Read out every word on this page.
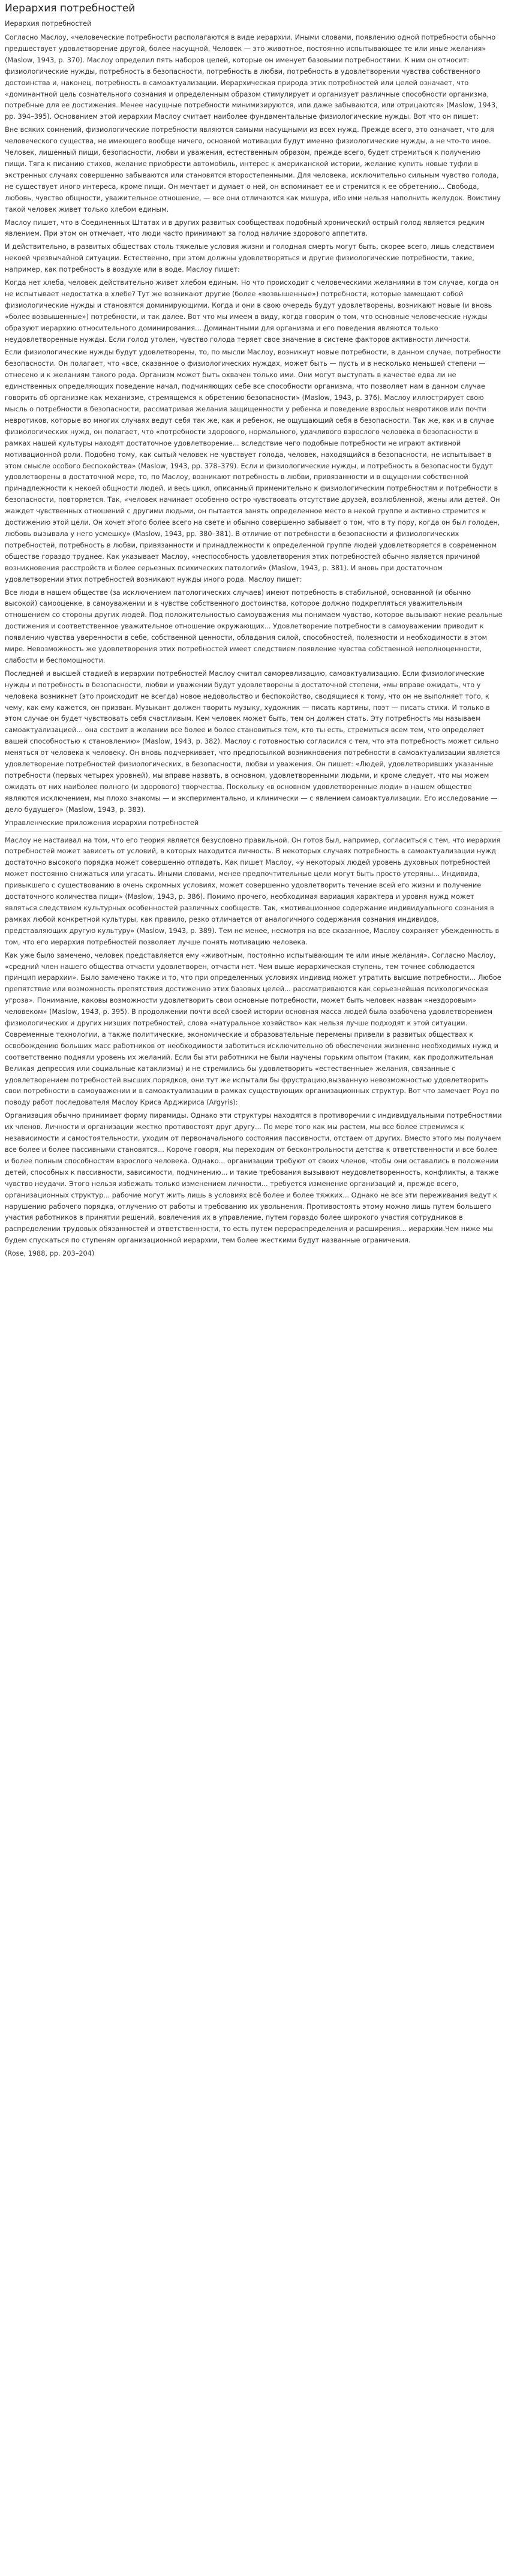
Иерархия потребностей
Иерархия потребностей

Согласно Маслоу, «человеческие потребности располагаются в виде иерархии. Иными словами, появлению одной потребности обычно предшествует удовлетворение другой, более насущной. Человек — это животное, постоянно испытывающее те или иные желания» (Maslow, 1943, p. 370). Маслоу определил пять наборов целей, которые он именует базовыми потребностями. К ним он относит: физиологические нужды, потребность в безопасности, потребность в любви, потребность в удовлетворении чувства собственного достоинства и, наконец, потребность в самоактуализации. Иерархическая природа этих потребностей или целей означает, что «доминантной цель сознательного сознания и определенным образом стимулирует и организует различные способности организма, потребные для ее достижения. Менее насущные потребности минимизируются, или даже забываются, или отрицаются» (Maslow, 1943, pp. 394–395). Основанием этой иерархии Маслоу считает наиболее фундаментальные физиологические нужды. Вот что он пишет:

Вне всяких сомнений, физиологические потребности являются самыми насущными из всех нужд. Прежде всего, это означает, что для человеческого существа, не имеющего вообще ничего, основной мотивации будут именно физиологические нужды, а не что-то иное. Человек, лишенный пищи, безопасности, любви и уважения, естественным образом, прежде всего, будет стремиться к получению пищи. Тяга к писанию стихов, желание приобрести автомобиль, интерес к американской истории, желание купить новые туфли в экстренных случаях совершенно забываются или становятся второстепенными. Для человека, исключительно сильным чувство голода, не существует иного интереса, кроме пищи. Он мечтает и думает о ней, он вспоминает ее и стремится к ее обретению... Свобода, любовь, чувство общности, уважительное отношение, — все они отличаются как мишура, ибо ими нельзя наполнить желудок. Воистину такой человек живет только хлебом единым.

Маслоу пишет, что в Соединенных Штатах и в других развитых сообществах подобный хронический острый голод является редким явлением. При этом он отмечает, что люди часто принимают за голод наличие здорового аппетита.

И действительно, в развитых обществах столь тяжелые условия жизни и голодная смерть могут быть, скорее всего, лишь следствием некоей чрезвычайной ситуации. Естественно, при этом должны удовлетворяться и другие физиологические потребности, такие, например, как потребность в воздухе или в воде. Маслоу пишет:

Когда нет хлеба, человек действительно живет хлебом единым. Но что происходит с человеческими желаниями в том случае, когда он не испытывает недостатка в хлебе? Тут же возникают другие (более «возвышенные») потребности, которые замещают собой физиологические нужды и становятся доминирующими. Когда и они в свою очередь будут удовлетворены, возникают новые (и вновь «более возвышенные») потребности, и так далее. Вот что мы имеем в виду, когда говорим о том, что основные человеческие нужды образуют иерархию относительного доминирования... Доминантными для организма и его поведения являются только неудовлетворенные нужды. Если голод утолен, чувство голода теряет свое значение в системе факторов активности личности.

Если физиологические нужды будут удовлетворены, то, по мысли Маслоу, возникнут новые потребности, в данном случае, потребности безопасности. Он полагает, что «все, сказанное о физиологических нуждах, может быть — пусть и в несколько меньшей степени — отнесено и к желаниям такого рода. Организм может быть охвачен только ими. Они могут выступать в качестве едва ли не единственных определяющих поведение начал, подчиняющих себе все способности организма, что позволяет нам в данном случае говорить об организме как механизме, стремящемся к обретению безопасности» (Maslow, 1943, p. 376). Маслоу иллюстрирует свою мысль о потребности в безопасности, рассматривая желания защищенности у ребенка и поведение взрослых невротиков или почти невротиков, которые во многих случаях ведут себя так же, как и ребенок, не ощущающий себя в безопасности. Так же, как и в случае физиологических нужд, он полагает, что «потребности здорового, нормального, удачливого взрослого человека в безопасности в рамках нашей культуры находят достаточное удовлетворение... вследствие чего подобные потребности не играют активной мотивационной роли. Подобно тому, как сытый человек не чувствует голода, человек, находящийся в безопасности, не испытывает в этом смысле особого беспокойства» (Maslow, 1943, pp. 378–379). Если и физиологические нужды, и потребность в безопасности будут удовлетворены в достаточной мере, то, по Маслоу, возникают потребность в любви, привязанности и в ощущении собственной принадлежности к некоей общности людей, и весь цикл, описанный применительно к физиологическим потребностям и потребности в безопасности, повторяется. Так, «человек начинает особенно остро чувствовать отсутствие друзей, возлюбленной, жены или детей. Он жаждет чувственных отношений с другими людьми, он пытается занять определенное место в некой группе и активно стремится к достижению этой цели. Он хочет этого более всего на свете и обычно совершенно забывает о том, что в ту пору, когда он был голоден, любовь вызывала у него усмешку» (Maslow, 1943, pp. 380–381). В отличие от потребности в безопасности и физиологических потребностей, потребность в любви, привязанности и принадлежности к определенной группе людей удовлетворяется в современном обществе гораздо труднее. Как указывает Маслоу, «неспособность удовлетворения этих потребностей обычно является причиной возникновения расстройств и более серьезных психических патологий» (Maslow, 1943, p. 381). И вновь при достаточном удовлетворении этих потребностей возникают нужды иного рода. Маслоу пишет:

Все люди в нашем обществе (за исключением патологических случаев) имеют потребность в стабильной, основанной (и обычно высокой) самооценке, в самоуважении и в чувстве собственного достоинства, которое должно подкрепляться уважительным отношением со стороны других людей. Под положительностью самоуважения мы понимаем чувство, которое вызывают некие реальные достижения и соответственное уважительное отношение окружающих... Удовлетворение потребности в самоуважении приводит к появлению чувства уверенности в себе, собственной ценности, обладания силой, способностей, полезности и необходимости в этом мире. Невозможность же удовлетворения этих потребностей имеет следствием появление чувства собственной неполноценности, слабости и беспомощности.

Последней и высшей стадией в иерархии потребностей Маслоу считал самореализацию, самоактуализацию. Если физиологические нужды и потребность в безопасности, любви и уважении будут удовлетворены в достаточной степени, «мы вправе ожидать, что у человека возникнет (это происходит не всегда) новое недовольство и беспокойство, сводящиеся к тому, что он не выполняет того, к чему, как ему кажется, он призван. Музыкант должен творить музыку, художник — писать картины, поэт — писать стихи. И только в этом случае он будет чувствовать себя счастливым. Кем человек может быть, тем он должен стать. Эту потребность мы называем самоактуализацией... она состоит в желании все более и более становиться тем, кто ты есть, стремиться всем тем, что определяет вашей способностью к становлению» (Maslow, 1943, p. 382). Маслоу с готовностью согласился с тем, что эта потребность может сильно меняться от человека к человеку. Он вновь подчеркивает, что предпосылкой возникновения потребности в самоактуализации является удовлетворение потребностей физиологических, в безопасности, любви и уважения. Он пишет: «Людей, удовлетворивших указанные потребности (первых четырех уровней), мы вправе назвать, в основном, удовлетворенными людьми, и кроме следует, что мы можем ожидать от них наиболее полного (и здорового) творчества. Поскольку «в основном удовлетворенные люди» в нашем обществе являются исключением, мы плохо знакомы — и экспериментально, и клинически — с явлением самоактуализации. Его исследование — дело будущего» (Maslow, 1943, p. 383).

Управленческие приложения иерархии потребностей

Маслоу не настаивал на том, что его теория является безусловно правильной. Он готов был, например, согласиться с тем, что иерархия потребностей может зависеть от условий, в которых находится личность. В некоторых случаях потребность в самоактуализации нужд достаточно высокого порядка может совершенно отпадать. Как пишет Маслоу, «у некоторых людей уровень духовных потребностей может постоянно снижаться или угасать. Иными словами, менее предпочтительные цели могут быть просто утеряны... Индивида, привыкшего с существованию в очень скромных условиях, может совершенно удовлетворить течение всей его жизни и получение достаточного количества пищи» (Maslow, 1943, p. 386). Помимо прочего, необходимая вариация характера и уровня нужд может являться следствием культурных особенностей различных сообществ. Так, «мотивационное содержание индивидуального сознания в рамках любой конкретной культуры, как правило, резко отличается от аналогичного содержания сознания индивидов, представляющих другую культуру» (Maslow, 1943, p. 389). Тем не менее, несмотря на все сказанное, Маслоу сохраняет убежденность в том, что его иерархия потребностей позволяет лучше понять мотивацию человека.

Как уже было замечено, человек представляется ему «животным, постоянно испытывающим те или иные желания». Согласно Маслоу, «средний член нашего общества отчасти удовлетворен, отчасти нет. Чем выше иерархическая ступень, тем точнее соблюдается принцип иерархии». Было замечено также и то, что при определенных условиях индивид может утратить высшие потребности... Любое препятствие или возможность препятствия достижению этих базовых целей... рассматриваются как серьезнейшая психологическая угроза». Понимание, каковы возможности удовлетворить свои основные потребности, может быть человек назван «нездоровым» человеком» (Maslow, 1943, p. 395). В продолжении почти всей своей истории основная масса людей была озабочена удовлетворением физиологических и других низших потребностей, слова «натуральное хозяйство» как нельзя лучше подходят к этой ситуации. Современные технологии, а также политические, экономические и образовательные перемены привели в развитых обществах к освобождению больших масс работников от необходимости заботиться исключительно об обеспечении жизненно необходимых нужд и соответственно подняли уровень их желаний. Если бы эти работники не были научены горьким опытом (таким, как продолжительная Великая депрессия или социальные катаклизмы) и не стремились бы удовлетворить «естественные» желания, связанные с удовлетворением потребностей высших порядков, они тут же испытали бы фрустрацию,вызванную невозможностью удовлетворить свои потребности в самоуважении и в самоактуализации в рамках существующих организационных структур. Вот что замечает Роуз по поводу работ последователя Маслоу Криса Арджириса (Argyris):

Организация обычно принимает форму пирамиды. Однако эти структуры находятся в противоречии с индивидуальными потребностями их членов. Личности и организации жестко противостоят друг другу... По мере того как мы растем, мы все более стремимся к независимости и самостоятельности, уходим от первоначального состояния пассивности, отстаем от других. Вместо этого мы получаем все более и более пассивными становятся... Короче говоря, мы переходим от бесконтрольности детства к ответственности и все более и более полным способностям взрослого человека. Однако... организации требуют от своих членов, чтобы они оставались в положении детей, способных к пассивности, зависимости, подчинению... и такие требования вызывают неудовлетворенность, конфликты, а также чувство неудачи. Этого нельзя избежать только изменением личности... требуется изменение организаций и, прежде всего, организационных структур... рабочие могут жить лишь в условиях всё более и более тяжких... Однако не все эти переживания ведут к нарушению рабочего порядка, отлучению от работы и требованию их увольнения. Противостоять этому можно лишь путем большего участия работников в принятии решений, вовлечения их в управление, путем гораздо более широкого участия сотрудников в распределении трудовых обязанностей и ответственности, то есть путем перераспределения и расширения... иерархии.Чем ниже мы будем спускаться по ступеням организационной иерархии, тем более жесткими будут названные ограничения.

(Rose, 1988, pp. 203–204)
